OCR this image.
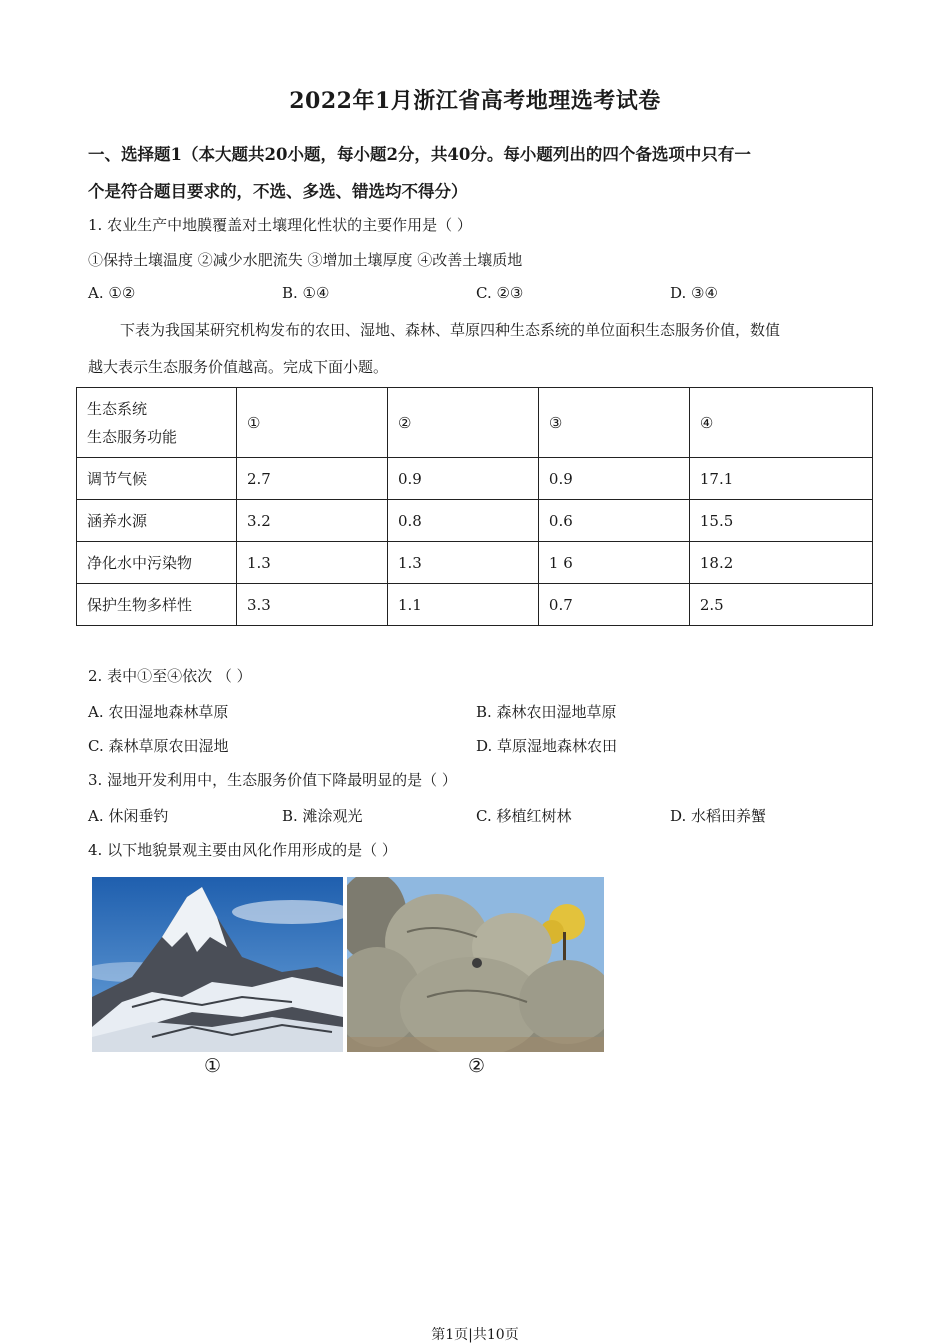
2022年1月浙江省高考地理选考试卷
一、选择题1（本大题共20小题，每小题2分，共40分。每小题列出的四个备选项中只有一
个是符合题目要求的，不选、多选、错选均不得分）
1. 农业生产中地膜覆盖对土壤理化性状的主要作用是（ ）
①保持土壤温度 ②减少水肥流失 ③增加土壤厚度 ④改善土壤质地
A. ①②	B. ①④	C. ②③	D. ③④
下表为我国某研究机构发布的农田、湿地、森林、草原四种生态系统的单位面积生态服务价值，数值
越大表示生态服务价值越高。完成下面小题。
生态系统
生态服务功能	①	②	③	④
调节气候	2.7	0.9	0.9	17.1
涵养水源	3.2	0.8	0.6	15.5
净化水中污染物	1.3	1.3	1 6	18.2
保护生物多样性	3.3	1.1	0.7	2.5
2. 表中①至④依次 （ ）
A. 农田湿地森林草原	B. 森林农田湿地草原
C. 森林草原农田湿地	D. 草原湿地森林农田
3. 湿地开发利用中，生态服务价值下降最明显的是（ ）
A. 休闲垂钓	B. 滩涂观光	C. 移植红树林	D. 水稻田养蟹
4. 以下地貌景观主要由风化作用形成的是（ ）
①	②
第1页|共10页
